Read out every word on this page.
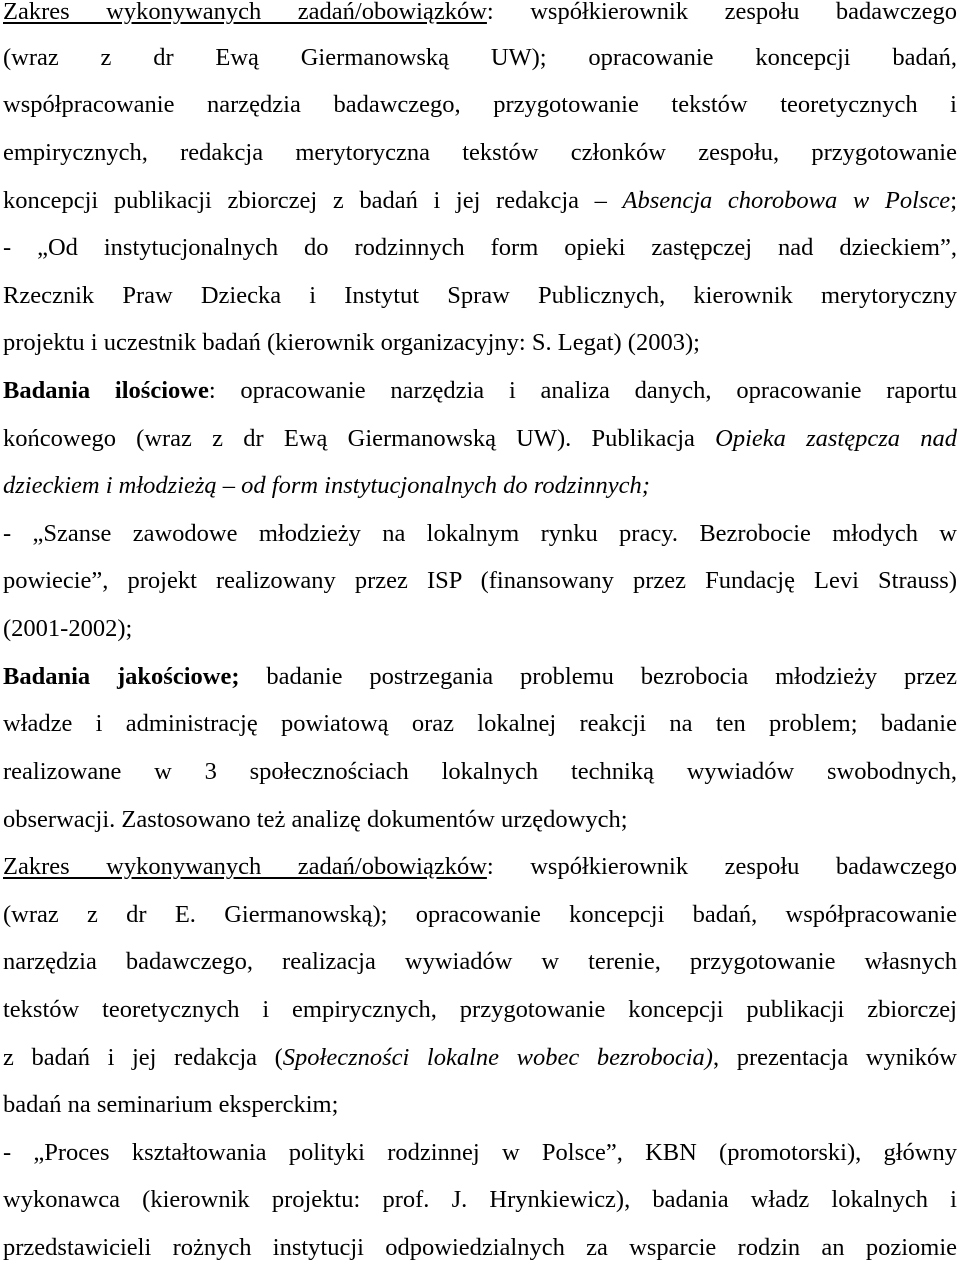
Zakres wykonywanych zadań/obowiązków: współkierownik zespołu badawczego
(wraz z dr Ewą Giermanowską UW); opracowanie koncepcji badań,
współpracowanie narzędzia badawczego, przygotowanie tekstów teoretycznych i
empirycznych, redakcja merytoryczna tekstów członków zespołu, przygotowanie
koncepcji publikacji zbiorczej z badań i jej redakcja – Absencja chorobowa w Polsce;
- „Od instytucjonalnych do rodzinnych form opieki zastępczej nad dzieckiem”,
Rzecznik Praw Dziecka i Instytut Spraw Publicznych, kierownik merytoryczny
projektu i uczestnik badań (kierownik organizacyjny: S. Legat) (2003);
Badania ilościowe: opracowanie narzędzia i analiza danych, opracowanie raportu
końcowego (wraz z dr Ewą Giermanowską UW). Publikacja Opieka zastępcza nad
dzieckiem i młodzieżą – od form instytucjonalnych do rodzinnych;
- „Szanse zawodowe młodzieży na lokalnym rynku pracy. Bezrobocie młodych w
powiecie”, projekt realizowany przez ISP (finansowany przez Fundację Levi Strauss)
(2001-2002);
Badania jakościowe; badanie postrzegania problemu bezrobocia młodzieży przez
władze i administrację powiatową oraz lokalnej reakcji na ten problem; badanie
realizowane w 3 społecznościach lokalnych techniką wywiadów swobodnych,
obserwacji. Zastosowano też analizę dokumentów urzędowych;
Zakres wykonywanych zadań/obowiązków: współkierownik zespołu badawczego
(wraz z dr E. Giermanowską); opracowanie koncepcji badań, współpracowanie
narzędzia badawczego, realizacja wywiadów w terenie, przygotowanie własnych
tekstów teoretycznych i empirycznych, przygotowanie koncepcji publikacji zbiorczej
z badań i jej redakcja (Społeczności lokalne wobec bezrobocia), prezentacja wyników
badań na seminarium eksperckim;
- „Proces kształtowania polityki rodzinnej w Polsce”, KBN (promotorski), główny
wykonawca (kierownik projektu: prof. J. Hrynkiewicz), badania władz lokalnych i
przedstawicieli rożnych instytucji odpowiedzialnych za wsparcie rodzin an poziomie
